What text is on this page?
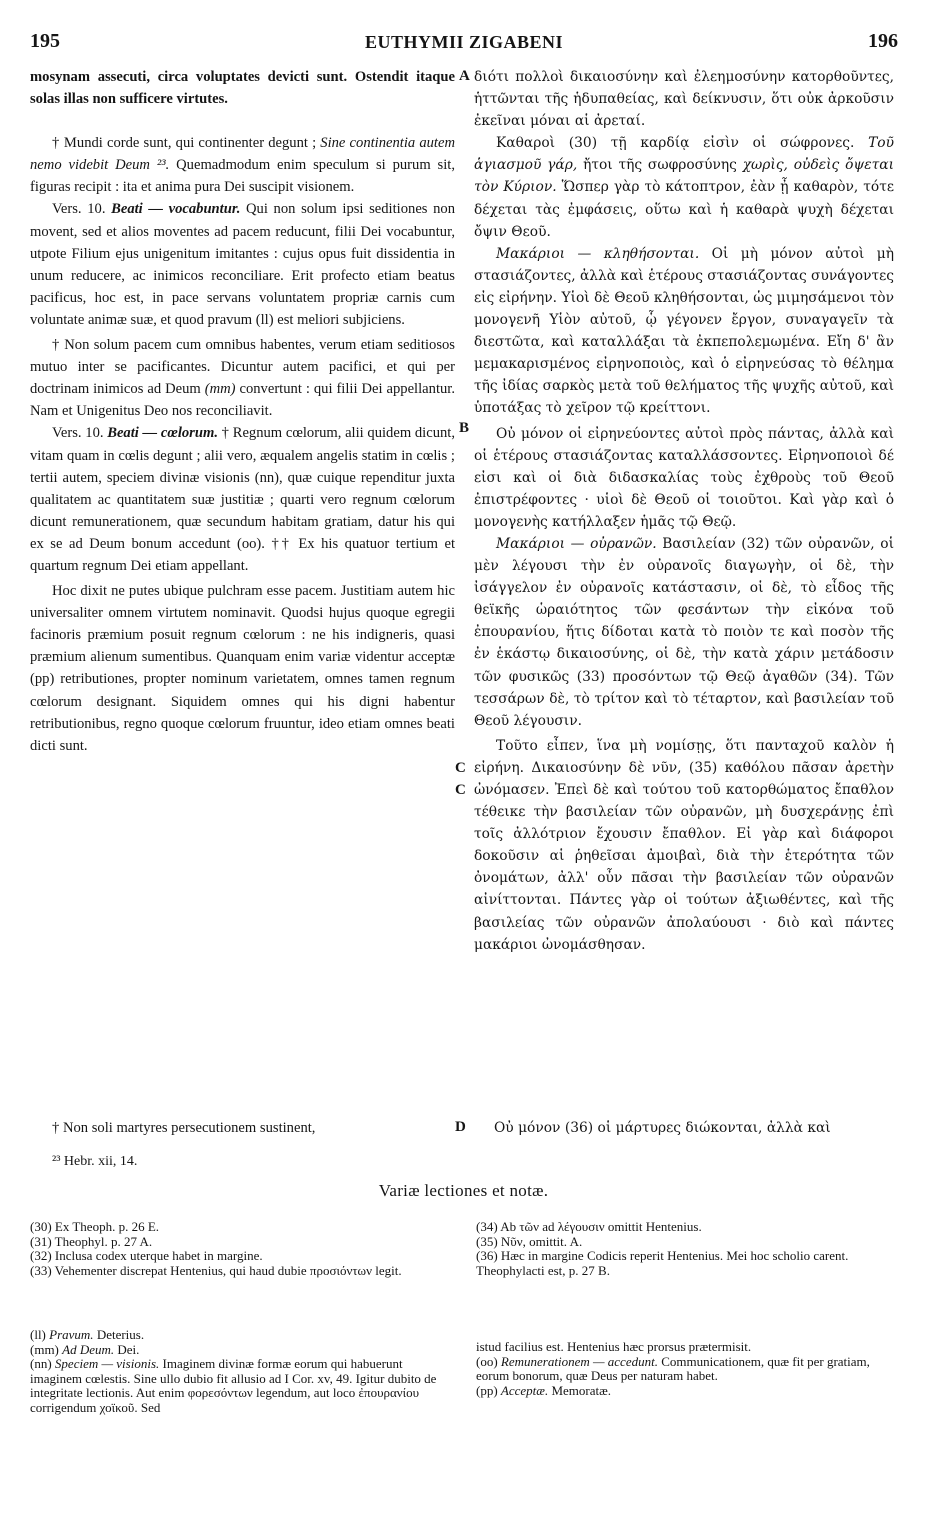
195	EUTHYMII ZIGABENI	196

mosynam assecuti, circa voluptates devicti sunt. Ostendit itaque solas illas non sufficere virtutes.

† Mundi corde sunt, qui continenter degunt ; Sine continentia autem nemo videbit Deum ²³. Quemadmodum enim speculum si purum sit, figuras recipit : ita et anima pura Dei suscipit visionem.

Vers. 10. Beati — vocabuntur. Qui non solum ipsi seditiones non movent, sed et alios moventes ad pacem reducunt, filii Dei vocabuntur, utpote Filium ejus unigenitum imitantes : cujus opus fuit dissidentia in unum reducere, ac inimicos reconciliare. Erit profecto etiam beatus pacificus, hoc est, in pace servans voluntatem propriæ carnis cum voluntate animæ suæ, et quod pravum (ll) est meliori subjiciens.

† Non solum pacem cum omnibus habentes, verum etiam seditiosos mutuo inter se pacificantes. Dicuntur autem pacifici, et qui per doctrinam inimicos ad Deum (mm) convertunt : qui filii Dei appellantur. Nam et Unigenitus Deo nos reconciliavit.

Vers. 10. Beati — cœlorum. † Regnum cœlorum, alii quidem dicunt, vitam quam in cœlis degunt ; alii vero, æqualem angelis statim in cœlis ; tertii autem, speciem divinæ visionis (nn), quæ cuique rependitur juxta qualitatem ac quantitatem suæ justitiæ ; quarti vero regnum cœlorum dicunt remunerationem, quæ secundum habitam gratiam, datur his qui ex se ad Deum bonum accedunt (oo). †† Ex his quatuor tertium et quartum regnum Dei etiam appellant.

Hoc dixit ne putes ubique pulchram esse pacem. Justitiam autem hic universaliter omnem virtutem nominavit. Quodsi hujus quoque egregii facinoris præmium posuit regnum cœlorum : ne his indigneris, quasi præmium alienum sumentibus. Quanquam enim variæ videntur acceptæ (pp) retributiones, propter nominum varietatem, omnes tamen regnum cœlorum designant. Siquidem omnes qui his digni habentur retributionibus, regno quoque cœlorum fruuntur, ideo etiam omnes beati dicti sunt.

διότι πολλοὶ δικαιοσύνην καὶ ἐλεημοσύνην κατορθοῦντες, ἡττῶνται τῆς ἡδυπαθείας, καὶ δείκνυσιν, ὅτι οὐκ ἀρκοῦσιν ἐκεῖναι μόναι αἱ ἀρεταί.

Καθαροὶ (30) τῇ καρδίᾳ εἰσὶν οἱ σώφρονες. Τοῦ ἁγιασμοῦ γάρ, ἤτοι τῆς σωφροσύνης χωρὶς, οὐδεὶς ὄψεται τὸν Κύριον. Ὥσπερ γὰρ τὸ κάτοπτρον, ἐὰν ᾖ καθαρὸν, τότε δέχεται τὰς ἐμφάσεις, οὕτω καὶ ἡ καθαρὰ ψυχὴ δέχεται ὄψιν Θεοῦ.

Μακάριοι — κληθήσονται. Οἱ μὴ μόνον αὐτοὶ μὴ στασιάζοντες, ἀλλὰ καὶ ἑτέρους στασιάζοντας συνάγοντες εἰς εἰρήνην. Υἱοὶ δὲ Θεοῦ κληθήσονται, ὡς μιμησάμενοι τὸν μονογενῆ Υἱὸν αὐτοῦ, ᾧ γέγονεν ἔργον, συναγαγεῖν τὰ διεστῶτα, καὶ καταλλάξαι τὰ ἐκπεπολεμωμένα. Εἴη δ' ἂν μεμακαρισμένος εἰρηνοποιὸς, καὶ ὁ εἰρηνεύσας τὸ θέλημα τῆς ἰδίας σαρκὸς μετὰ τοῦ θελήματος τῆς ψυχῆς αὐτοῦ, καὶ ὑποτάξας τὸ χεῖρον τῷ κρείττονι.

Οὐ μόνον οἱ εἰρηνεύοντες αὐτοὶ πρὸς πάντας, ἀλλὰ καὶ οἱ ἑτέρους στασιάζοντας καταλλάσσοντες. Εἰρηνοποιοὶ δέ εἰσι καὶ οἱ διὰ διδασκαλίας τοὺς ἐχθροὺς τοῦ Θεοῦ ἐπιστρέφοντες · υἱοὶ δὲ Θεοῦ οἱ τοιοῦτοι. Καὶ γὰρ καὶ ὁ μονογενὴς κατήλλαξεν ἡμᾶς τῷ Θεῷ.

Μακάριοι — οὐρανῶν. Βασιλείαν (32) τῶν οὐρανῶν, οἱ μὲν λέγουσι τὴν ἐν οὐρανοῖς διαγωγὴν, οἱ δὲ, τὴν ἰσάγγελον ἐν οὐρανοῖς κατάστασιν, οἱ δὲ, τὸ εἶδος τῆς θεϊκῆς ὡραιότητος τῶν φεσάντων τὴν εἰκόνα τοῦ ἐπουρανίου, ἥτις δίδοται κατὰ τὸ ποιὸν τε καὶ ποσὸν τῆς ἐν ἑκάστῳ δικαιοσύνης, οἱ δὲ, τὴν κατὰ χάριν μετάδοσιν τῶν φυσικῶς (33) προσόντων τῷ Θεῷ ἀγαθῶν (34). Τῶν τεσσάρων δὲ, τὸ τρίτον καὶ τὸ τέταρτον, καὶ βασιλείαν τοῦ Θεοῦ λέγουσιν.

Τοῦτο εἶπεν, ἵνα μὴ νομίσῃς, ὅτι πανταχοῦ καλὸν ἡ εἰρήνη. Δικαιοσύνην δὲ νῦν, (35) καθόλου πᾶσαν ἀρετὴν ὠνόμασεν. Ἐπεὶ δὲ καὶ τούτου τοῦ κατορθώματος ἔπαθλον τέθεικε τὴν βασιλείαν τῶν οὐρανῶν, μὴ δυσχεράνῃς ἐπὶ τοῖς ἀλλότριον ἔχουσιν ἔπαθλον. Εἰ γὰρ καὶ διάφοροι δοκοῦσιν αἱ ῥηθεῖσαι ἀμοιβαὶ, διὰ τὴν ἑτερότητα τῶν ὀνομάτων, ἀλλ' οὖν πᾶσαι τὴν βασιλείαν τῶν οὐρανῶν αἰνίττονται. Πάντες γὰρ οἱ τούτων ἀξιωθέντες, καὶ τῆς βασιλείας τῶν οὐρανῶν ἀπολαύουσι · διὸ καὶ πάντες μακάριοι ὠνομάσθησαν.

A
B
C
C
D
† Non soli martyres persecutionem sustinent,	Οὐ μόνον (36) οἱ μάρτυρες διώκονται, ἀλλὰ καὶ
²³ Hebr. xii, 14.
Variæ lectiones et notæ.
(30) Ex Theoph. p. 26 E.
(31) Theophyl. p. 27 A.
(32) Inclusa codex uterque habet in margine.
(33) Vehementer discrepat Hentenius, qui haud dubie προσιόντων legit.
(34) Ab τῶν ad λέγουσιν omittit Hentenius.
(35) Νῦν, omittit. A.
(36) Hæc in margine Codicis reperit Hentenius. Mei hoc scholio carent. Theophylacti est, p. 27 B.
(ll) Pravum. Deterius.
(mm) Ad Deum. Dei.
(nn) Speciem — visionis. Imaginem divinæ formæ eorum qui habuerunt imaginem cœlestis. Sine ullo dubio fit allusio ad I Cor. xv, 49. Igitur dubito de integritate lectionis. Aut enim φορεσόντων legendum, aut loco ἐπουρανίου corrigendum χοϊκοῦ. Sed
istud facilius est. Hentenius hæc prorsus prætermisit.
(oo) Remunerationem — accedunt. Communicationem, quæ fit per gratiam, eorum bonorum, quæ Deus per naturam habet.
(pp) Acceptæ. Memoratæ.
